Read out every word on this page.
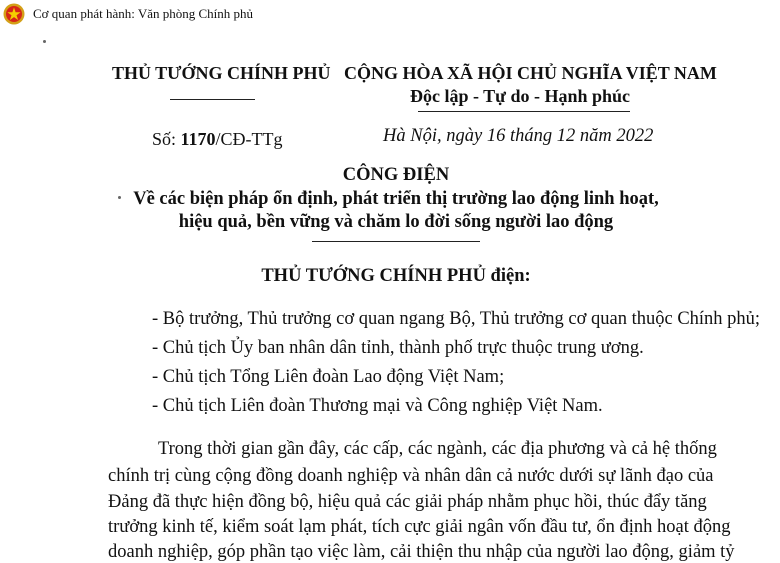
Cơ quan phát hành: Văn phòng Chính phủ
THỦ TƯỚNG CHÍNH PHỦ CỘNG HÒA XÃ HỘI CHỦ NGHĨA VIỆT NAM
Độc lập - Tự do - Hạnh phúc
Số: 1170/CĐ-TTg	Hà Nội, ngày 16 tháng 12 năm 2022
CÔNG ĐIỆN
Về các biện pháp ổn định, phát triển thị trường lao động linh hoạt,
hiệu quả, bền vững và chăm lo đời sống người lao động
THỦ TƯỚNG CHÍNH PHỦ điện:
- Bộ trưởng, Thủ trưởng cơ quan ngang Bộ, Thủ trưởng cơ quan thuộc Chính phủ;
- Chủ tịch Ủy ban nhân dân tỉnh, thành phố trực thuộc trung ương.
- Chủ tịch Tổng Liên đoàn Lao động Việt Nam;
- Chủ tịch Liên đoàn Thương mại và Công nghiệp Việt Nam.
Trong thời gian gần đây, các cấp, các ngành, các địa phương và cả hệ thống
chính trị cùng cộng đồng doanh nghiệp và nhân dân cả nước dưới sự lãnh đạo của
Đảng đã thực hiện đồng bộ, hiệu quả các giải pháp nhằm phục hồi, thúc đẩy tăng
trưởng kinh tế, kiểm soát lạm phát, tích cực giải ngân vốn đầu tư, ổn định hoạt động
doanh nghiệp, góp phần tạo việc làm, cải thiện thu nhập của người lao động, giảm tỷ
